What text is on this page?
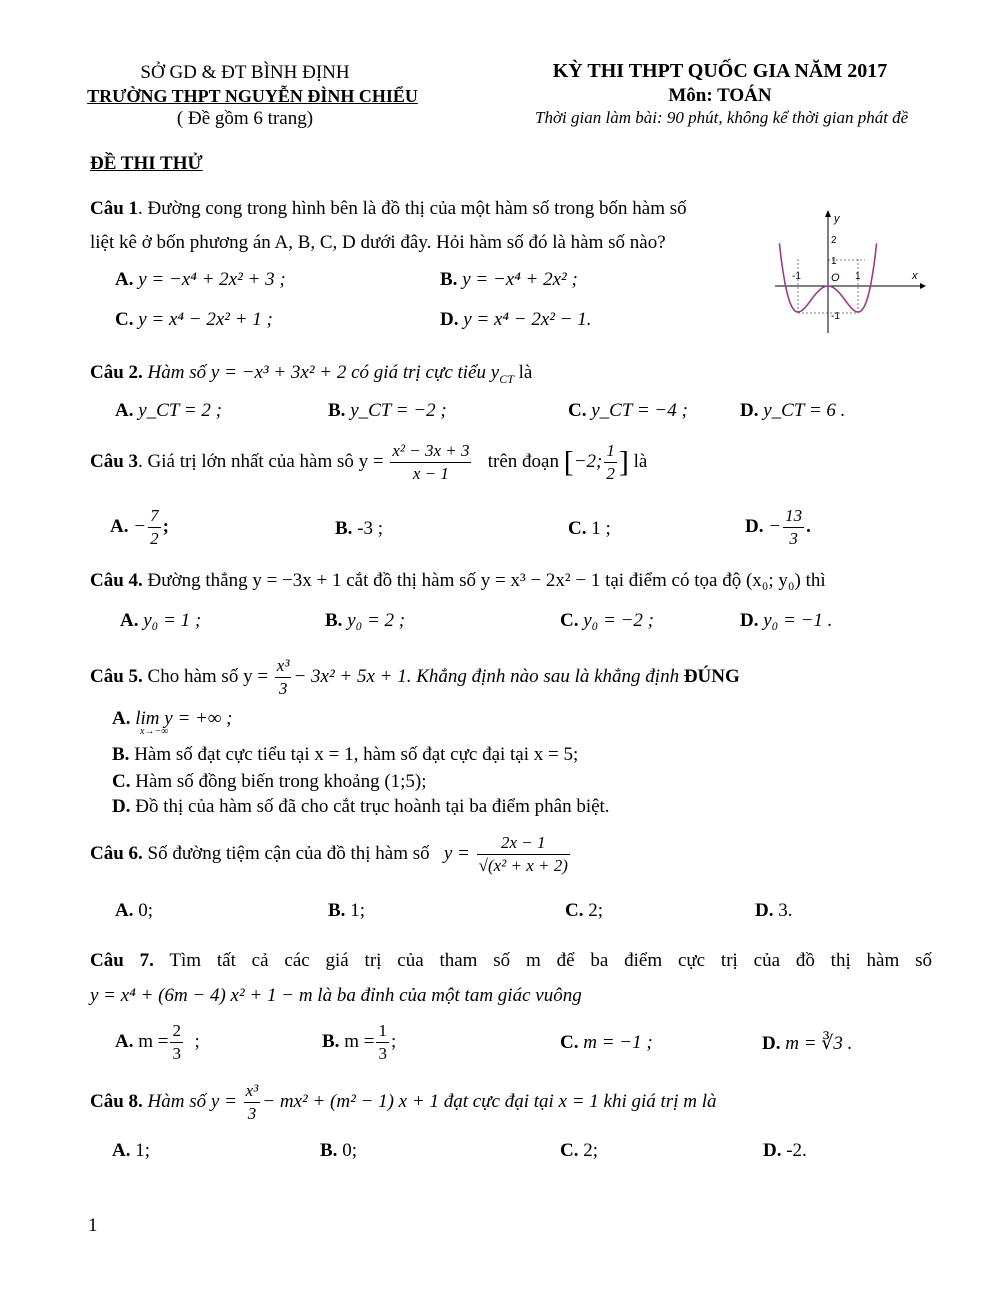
SỞ GD & ĐT BÌNH ĐỊNH
TRƯỜNG THPT NGUYỄN ĐÌNH CHIỂU
( Đề gồm 6 trang)
KỲ THI THPT QUỐC GIA NĂM 2017
Môn: TOÁN
Thời gian làm bài: 90 phút, không kể thời gian phát đề
ĐỀ THI THỬ
Câu 1. Đường cong trong hình bên là đồ thị của một hàm số trong bốn hàm số
liệt kê ở bốn phương án A, B, C, D dưới đây. Hỏi hàm số đó là hàm số nào?
A. y = −x⁴ + 2x² + 3 ;	B. y = −x⁴ + 2x² ;
C. y = x⁴ − 2x² + 1 ;	D. y = x⁴ − 2x² − 1.
y
x
O
2
1
-1	1
-1
Câu 2. Hàm số y = −x³ + 3x² + 2 có giá trị cực tiểu $y_{CT}$ là
A. y_CT = 2 ;	B. y_CT = −2 ;	C. y_CT = −4 ;	D. y_CT = 6 .
Câu 3. Giá trị lớn nhất của hàm sô $y = \frac{\text{x² − 3x + 3}}{x - 1}$ trên đoạn [−2; $\frac{1}{2}$ ] là
A. − $\frac{7}{2}$ ;	B. -3 ;	C. 1 ;	D. − $\frac{13}{3}$ .
Câu 4. Đường thẳng y = −3x + 1 cắt đồ thị hàm số y = x³ − 2x² − 1 tại điểm có tọa độ (x₀; y₀) thì
A. y₀ = 1 ;	B. y₀ = 2 ;	C. y₀ = −2 ;	D. y₀ = −1 .
Câu 5. Cho hàm số $y = \frac{\text{x³}}{3} - 3x^2 + 5x + 1$. Khẳng định nào sau là khẳng định ĐÚNG
A. lim y = +∞ ;
x→−∞
B. Hàm số đạt cực tiểu tại x = 1, hàm số đạt cực đại tại x = 5;
C. Hàm số đồng biến trong khoảng (1;5);
D. Đồ thị của hàm số đã cho cắt trục hoành tại ba điểm phân biệt.
Câu 6. Số đường tiệm cận của đồ thị hàm số $y = \frac{2x - 1}{\text{√(x² + x + 2)}}$
A. 0;	B. 1;	C. 2;	D. 3.
Câu 7. Tìm tất cả các giá trị của tham số m để ba điểm cực trị của đồ thị hàm số
y = x⁴ + (6m − 4) x² + 1 − m là ba đỉnh của một tam giác vuông
A. $m = \frac{2}{3}$ ;	B. $m = \frac{1}{3}$ ;	C. m = −1 ;	D. m = ∛3 .
Câu 8. Hàm số $y = \frac{\text{x³}}{3} - mx^2 + (m^2 - 1) x + 1$ đạt cực đại tại x = 1 khi giá trị m là
A. 1;	B. 0;	C. 2;	D. -2.
1
